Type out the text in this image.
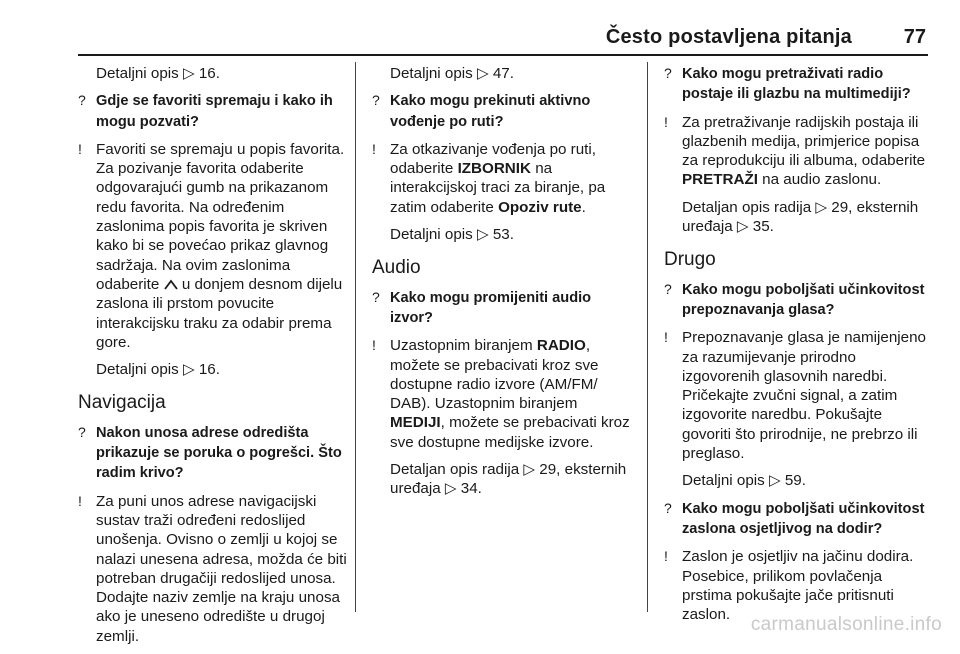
Često postavljena pitanja	77

Detaljni opis ▷ 16.

? Gdje se favoriti spremaju i kako ih mogu pozvati?
! Favoriti se spremaju u popis favorita. Za pozivanje favorita odaberite odgovarajući gumb na prikazanom redu favorita. Na određenim zaslonima popis favorita je skriven kako bi se povećao prikaz glavnog sadržaja. Na ovim zaslonima odaberite u donjem desnom dijelu zaslona ili prstom povucite interakcijsku traku za odabir prema gore.

Detaljni opis ▷ 16.

Navigacija
? Nakon unosa adrese odredišta prikazuje se poruka o pogrešci. Što radim krivo?
! Za puni unos adrese navigacijski sustav traži određeni redoslijed unošenja. Ovisno o zemlji u kojoj se nalazi unesena adresa, možda će biti potreban drugačiji redoslijed unosa. Dodajte naziv zemlje na kraju unosa ako je uneseno odredište u drugoj zemlji.

Detaljni opis ▷ 47.

? Kako mogu prekinuti aktivno vođenje po ruti?
! Za otkazivanje vođenja po ruti, odaberite IZBORNIK na interakcijskoj traci za biranje, pa zatim odaberite Opoziv rute.

Detaljni opis ▷ 53.

Audio
? Kako mogu promijeniti audio izvor?
! Uzastopnim biranjem RADIO, možete se prebacivati kroz sve dostupne radio izvore (AM/FM/ DAB). Uzastopnim biranjem MEDIJI, možete se prebacivati kroz sve dostupne medijske izvore.

Detaljan opis radija ▷ 29, eksternih uređaja ▷ 34.

? Kako mogu pretraživati radio postaje ili glazbu na multimediji?
! Za pretraživanje radijskih postaja ili glazbenih medija, primjerice popisa za reprodukciju ili albuma, odaberite PRETRAŽI na audio zaslonu.

Detaljan opis radija ▷ 29, eksternih uređaja ▷ 35.

Drugo
? Kako mogu poboljšati učinkovitost prepoznavanja glasa?
! Prepoznavanje glasa je namijenjeno za razumijevanje prirodno izgovorenih glasovnih naredbi. Pričekajte zvučni signal, a zatim izgovorite naredbu. Pokušajte govoriti što prirodnije, ne prebrzo ili preglaso.

Detaljni opis ▷ 59.

? Kako mogu poboljšati učinkovitost zaslona osjetljivog na dodir?
! Zaslon je osjetljiv na jačinu dodira. Posebice, prilikom povlačenja prstima pokušajte jače pritisnuti zaslon.	carmanualsonline.info
